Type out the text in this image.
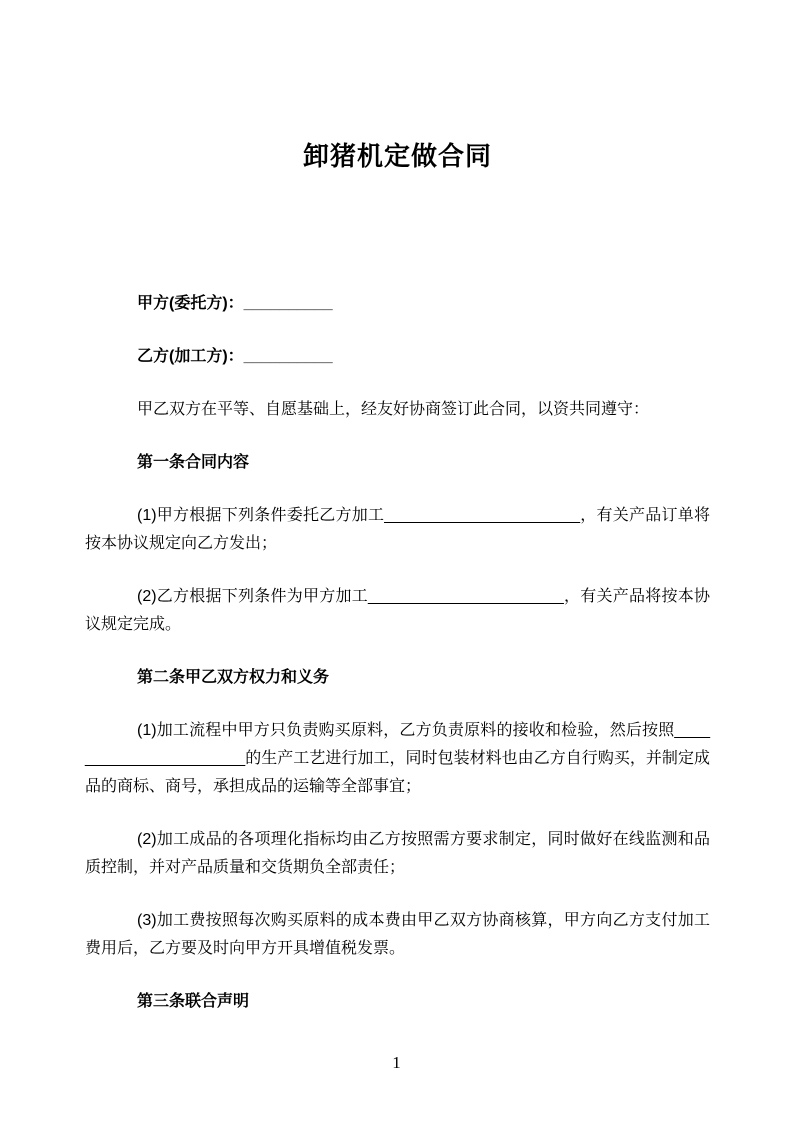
卸猪机定做合同

甲方(委托方)：__________

乙方(加工方)：__________

甲乙双方在平等、自愿基础上，经友好协商签订此合同，以资共同遵守：

第一条合同内容

(1)甲方根据下列条件委托乙方加工______________________，有关产品订单将按本协议规定向乙方发出；

(2)乙方根据下列条件为甲方加工______________________，有关产品将按本协议规定完成。

第二条甲乙双方权力和义务

(1)加工流程中甲方只负责购买原料，乙方负责原料的接收和检验，然后按照______________________的生产工艺进行加工，同时包装材料也由乙方自行购买，并制定成品的商标、商号，承担成品的运输等全部事宜；

(2)加工成品的各项理化指标均由乙方按照需方要求制定，同时做好在线监测和品质控制，并对产品质量和交货期负全部责任；

(3)加工费按照每次购买原料的成本费由甲乙双方协商核算，甲方向乙方支付加工费用后，乙方要及时向甲方开具增值税发票。

第三条联合声明
1
